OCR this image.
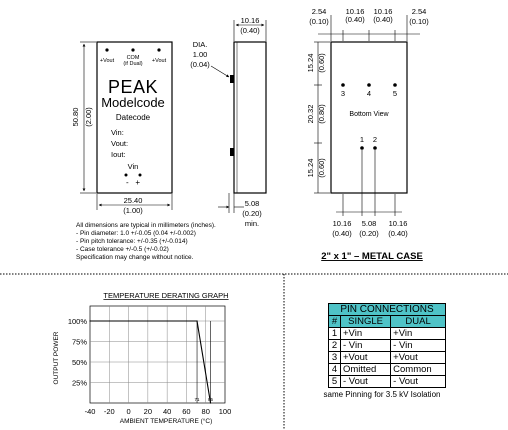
+Vout COM +Vout
(if Dual)
PEAK
Modelcode
Datecode
Vin:
Vout:
Iout:
Vin
-   +
50.80 (2.00)
25.40
(1.00)
10.16
(0.40)
DIA.
1.00
(0.04)
5.08
(0.20)
min.
2.54
(0.10)
10.16
(0.40)
10.16
(0.40)
2.54
(0.10)
15.24 (0.60)
20.32 (0.80)
15.24 (0.60)
3	4	5
1 2
Bottom View
10.16
(0.40)
5.08
(0.20)
10.16
(0.40)
All dimensions are typical in millimeters (inches).
- Pin diameter: 1.0 +/-0.05 (0.04 +/-0.002)
- Pin pitch tolerance: +/-0.35 (+/-0.014)
- Case tolerance +/-0.5 (+/-0.02)
Specification may change without notice.	2" x 1" – METAL CASE
TEMPERATURE DERATING GRAPH
OUTPUT POWER
AMBIENT TEMPERATURE (°C)
100%
75%
50%
25%
-40 -20 0 20 40 60 80 100
71 85
PIN CONNECTIONS		
#	SINGLE	DUAL
1	+Vin	+Vin
2	- Vin	- Vin
3	+Vout	+Vout
4	Omitted	Common
5	- Vout	- Vout
same Pinning for 3.5 kV Isolation
